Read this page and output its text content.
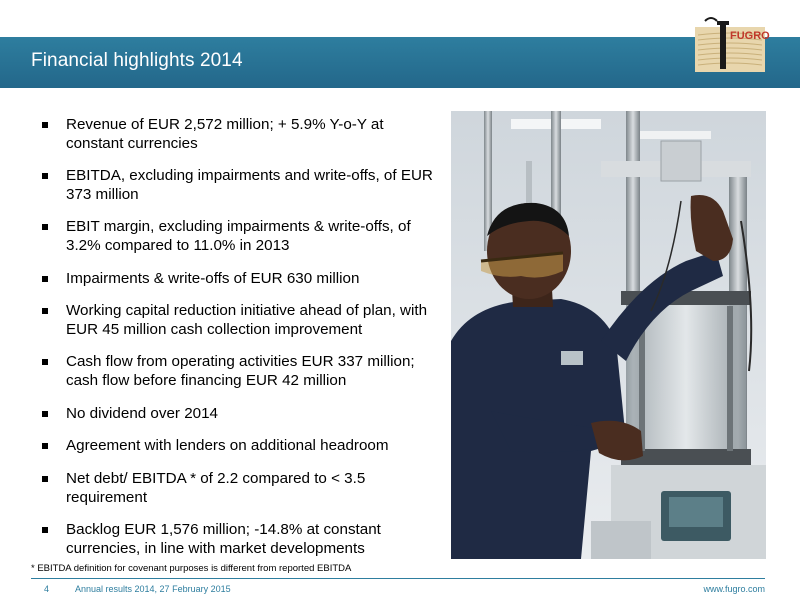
Financial highlights 2014
FUGRO
Revenue of EUR 2,572 million; + 5.9% Y-o-Y at constant currencies
EBITDA, excluding impairments and write-offs, of EUR 373 million
EBIT margin, excluding impairments & write-offs, of 3.2% compared to 11.0% in 2013
Impairments & write-offs of EUR 630 million
Working capital reduction initiative ahead of plan, with EUR 45 million cash collection improvement
Cash flow from operating activities EUR 337 million; cash flow before financing EUR 42 million
No dividend over 2014
Agreement with lenders on additional headroom
Net debt/ EBITDA * of 2.2 compared to < 3.5 requirement
Backlog EUR 1,576 million; -14.8% at constant currencies, in line with market developments
* EBITDA definition for covenant purposes is different from reported EBITDA
4	Annual results 2014, 27 February 2015	www.fugro.com
